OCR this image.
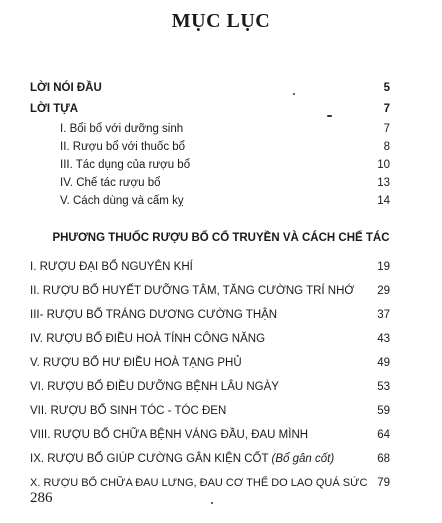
MỤC LỤC
LỜI NÓI ĐẦU	5
LỜI TỰA	7
I. Bổi bổ với dưỡng sinh	7
II. Rượu bổ với thuốc bổ	8
III. Tác dụng của rượu bổ	10
IV. Chế tác rượu bổ	13
V. Cách dùng và cấm kỵ	14
PHƯƠNG THUỐC RƯỢU BỔ CỔ TRUYỀN VÀ CÁCH CHẾ TÁC
I. RƯỢU ĐẠI BỔ NGUYÊN KHÍ	19
II. RƯỢU BỔ HUYẾT DƯỠNG TÂM, TĂNG CƯỜNG TRÍ NHỚ 29
III- RƯỢU BỔ TRÁNG DƯƠNG CƯỜNG THẬN	37
IV. RƯỢU BỔ ĐIỀU HOÀ TÍNH CÔNG NĂNG	43
V. RƯỢU BỔ HƯ ĐIỀU HOÀ TẠNG PHỦ	49
VI. RƯỢU BỔ ĐIỀU DƯỠNG BỆNH LÂU NGÀY	53
VII. RƯỢU BỔ SINH TÓC - TÓC ĐEN	59
VIII. RƯỢU BỔ CHỮA BỆNH VÁNG ĐẦU, ĐAU MÌNH	64
IX. RƯỢU BỔ GIÚP CƯỜNG GÂN KIỆN CỐT (Bổ gân cốt)	68
X. RƯỢU BỔ CHỮA ĐAU LƯNG, ĐAU CƠ THỂ DO LAO QUÁ SỨC 79
286
